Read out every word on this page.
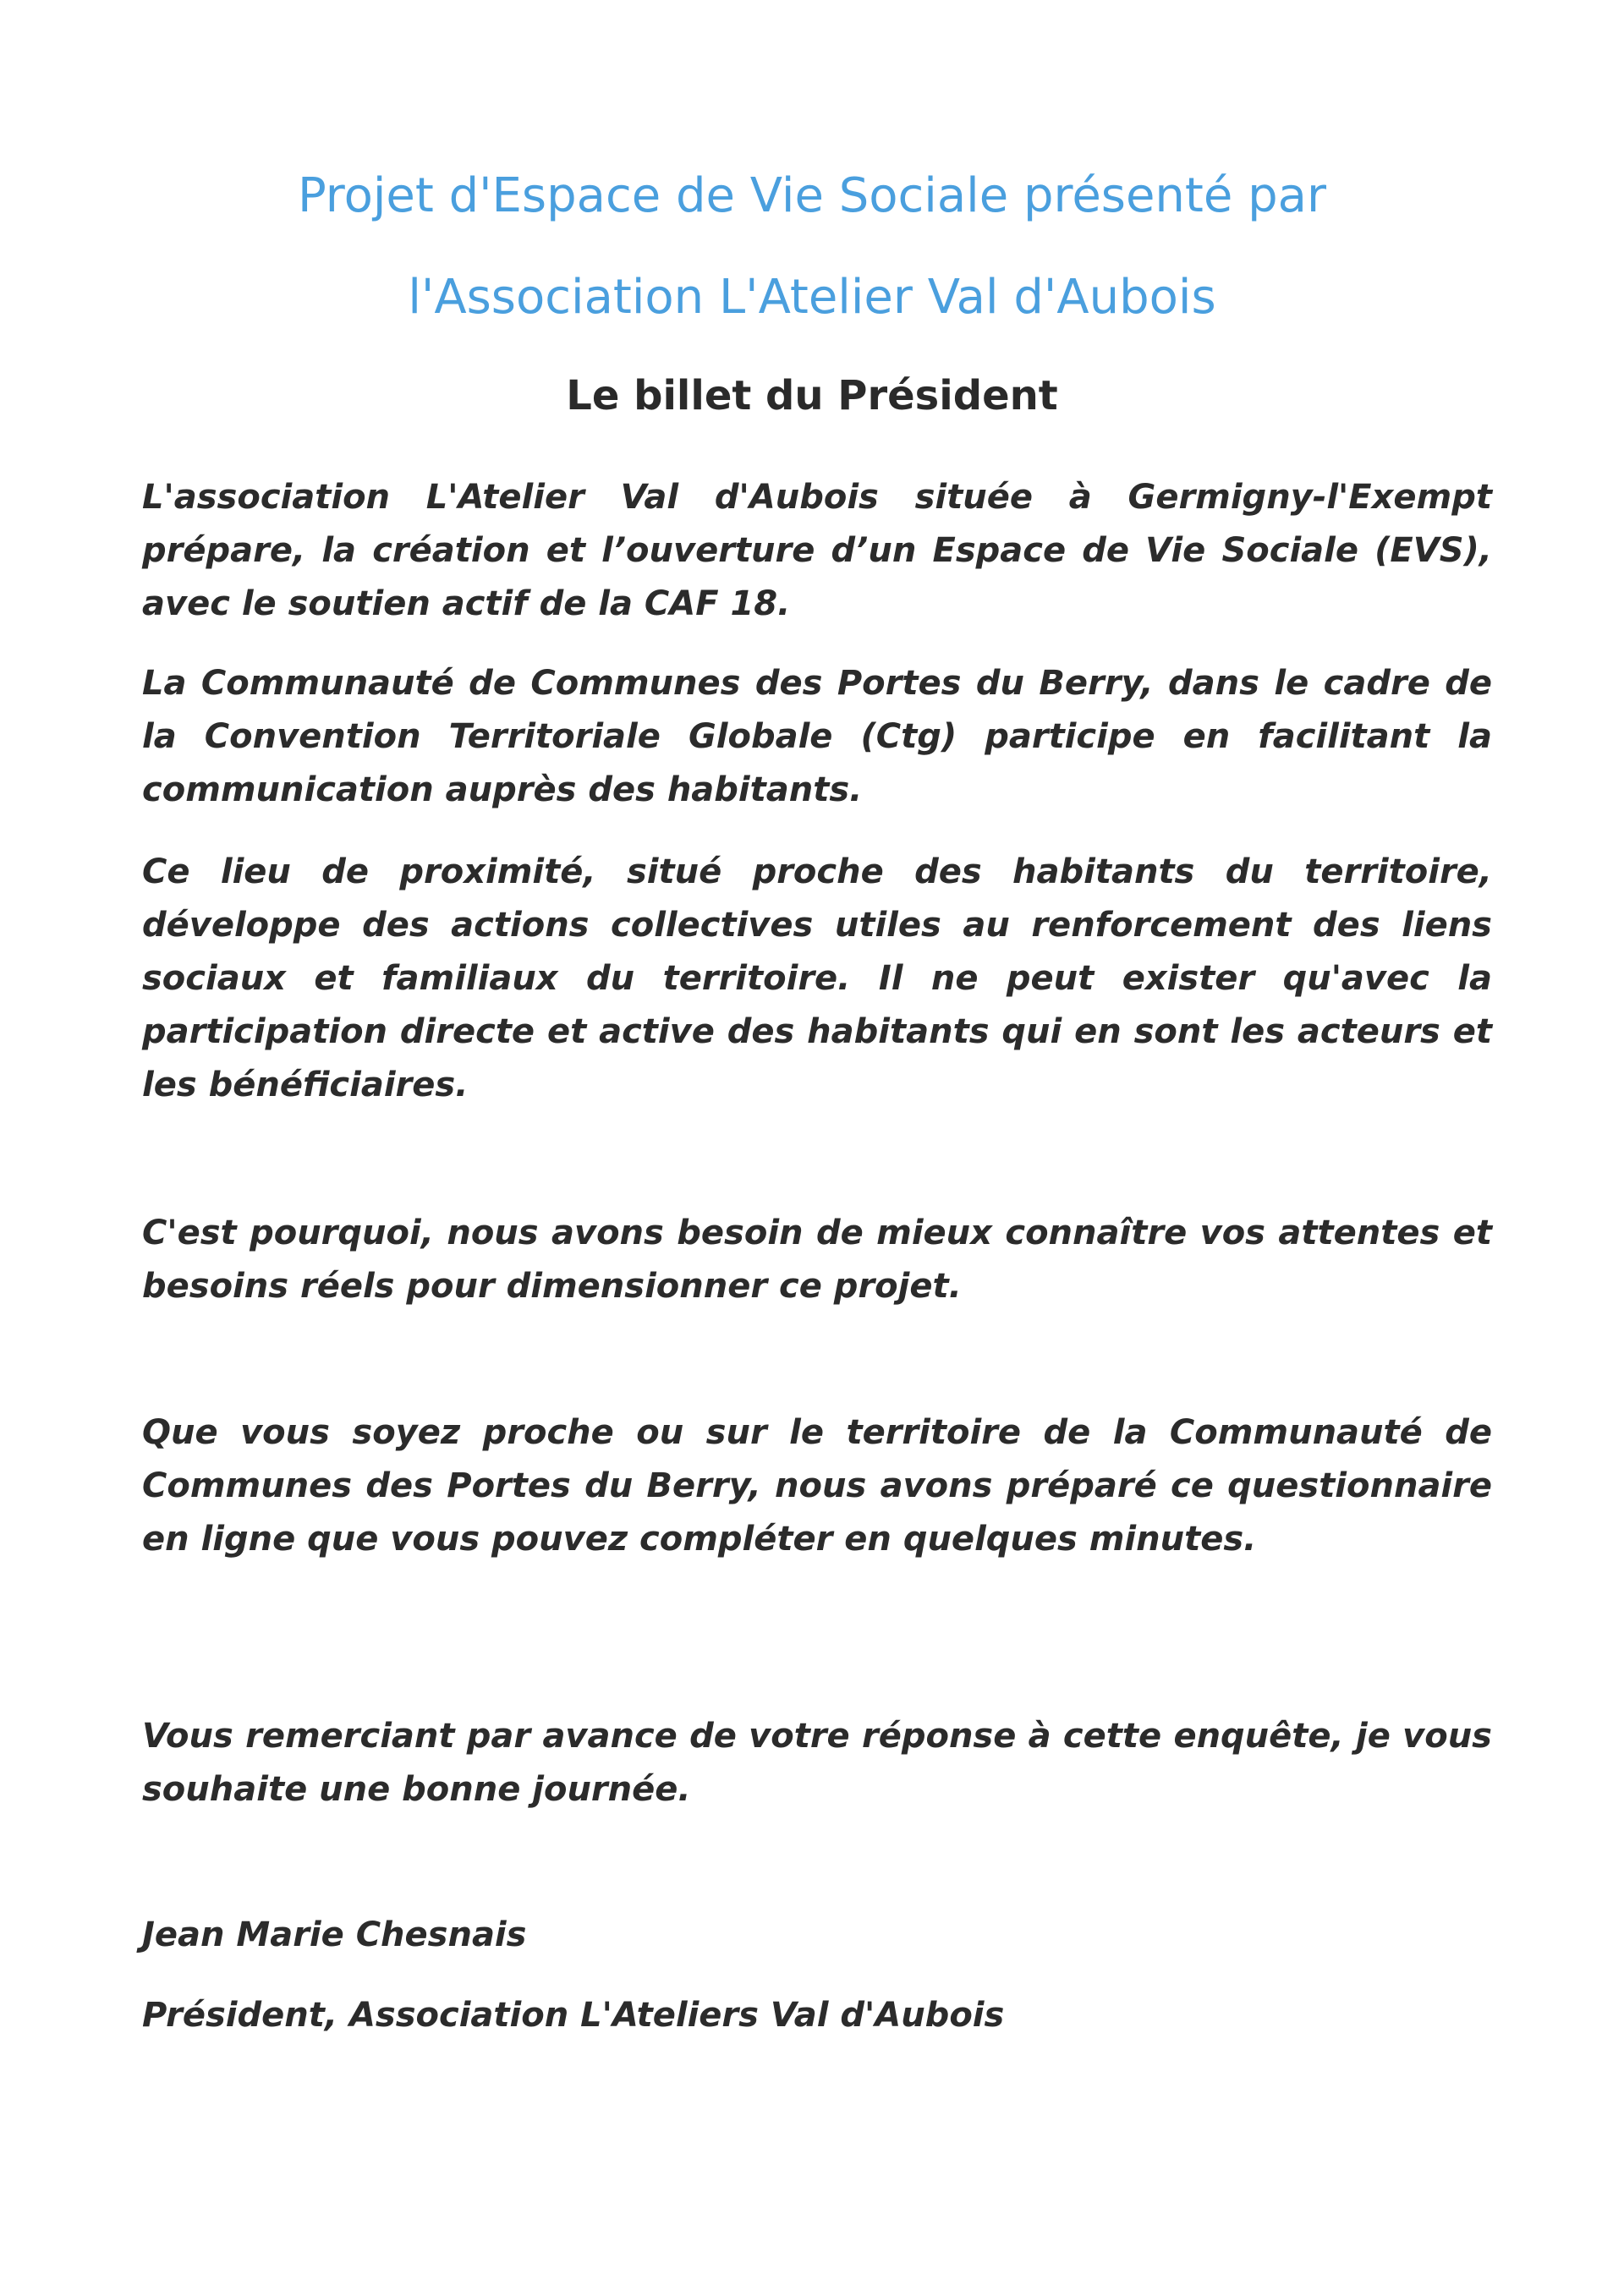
Projet d'Espace de Vie Sociale présenté par
l'Association L'Atelier Val d'Aubois
Le billet du Président

L'association L'Atelier Val d'Aubois située à Germigny-l'Exempt prépare, la création et l’ouverture d’un Espace de Vie Sociale (EVS), avec le soutien actif de la CAF 18.

La Communauté de Communes des Portes du Berry, dans le cadre de la Convention Territoriale Globale (Ctg) participe en facilitant la communication auprès des habitants.

Ce lieu de proximité, situé proche des habitants du territoire, développe des actions collectives utiles au renforcement des liens sociaux et familiaux du territoire. Il ne peut exister qu'avec la participation directe et active des habitants qui en sont les acteurs et les bénéficiaires.

C'est pourquoi, nous avons besoin de mieux connaître vos attentes et besoins réels pour dimensionner ce projet.

Que vous soyez proche ou sur le territoire de la Communauté de Communes des Portes du Berry, nous avons préparé ce questionnaire en ligne que vous pouvez compléter en quelques minutes.

Vous remerciant par avance de votre réponse à cette enquête, je vous souhaite une bonne journée.

Jean Marie Chesnais

Président, Association L'Ateliers Val d'Aubois
